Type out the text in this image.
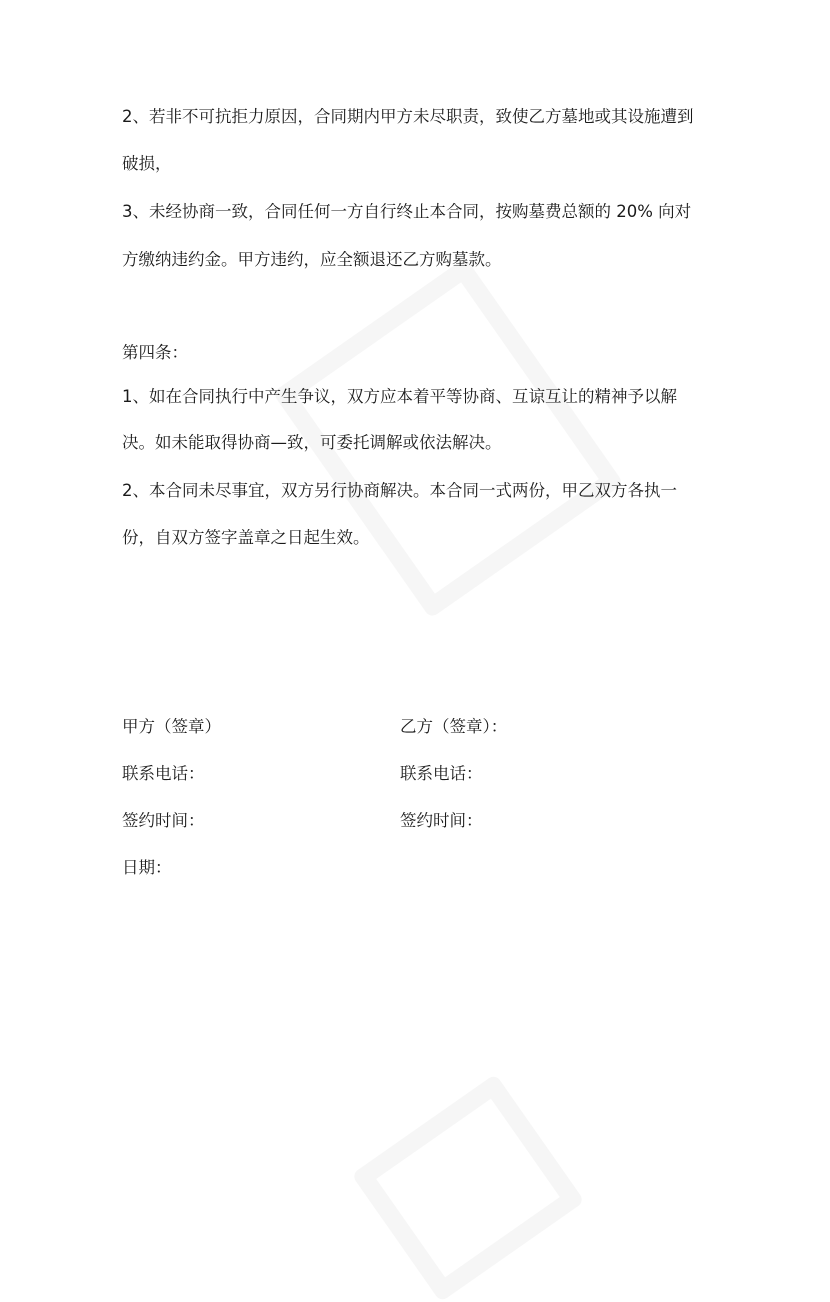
2、若非不可抗拒力原因，合同期内甲方未尽职责，致使乙方墓地或其设施遭到
破损，
3、未经协商一致，合同任何一方自行终止本合同，按购墓费总额的 20% 向对
方缴纳违约金。甲方违约，应全额退还乙方购墓款。
第四条：
1、如在合同执行中产生争议，双方应本着平等协商、互谅互让的精神予以解
决。如未能取得协商—致，可委托调解或依法解决。
2、本合同未尽事宜，双方另行协商解决。本合同一式两份，甲乙双方各执一
份，自双方签字盖章之日起生效。
甲方（签章）	乙方（签章）：
联系电话：	联系电话：
签约时间：	签约时间：
日期：
